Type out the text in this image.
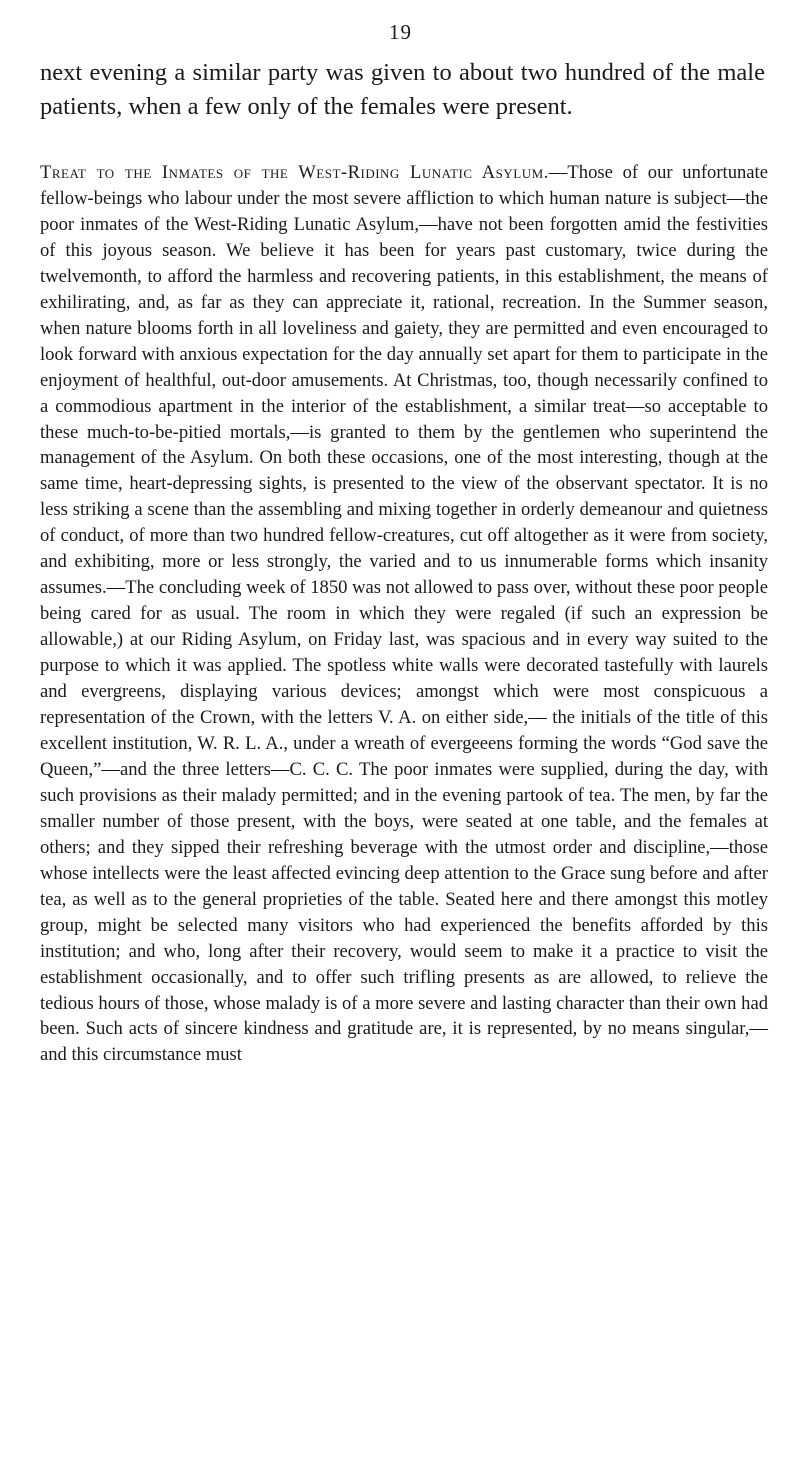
19

next evening a similar party was given to about two hundred of the male patients, when a few only of the females were present.

Treat to the Inmates of the West-Riding Lunatic Asylum.—Those of our unfortunate fellow-beings who labour under the most severe affliction to which human nature is subject—the poor inmates of the West-Riding Lunatic Asylum,—have not been forgotten amid the festivities of this joyous season. We believe it has been for years past customary, twice during the twelvemonth, to afford the harmless and recovering patients, in this establishment, the means of exhilirating, and, as far as they can appreciate it, rational, recreation. In the Summer season, when nature blooms forth in all loveliness and gaiety, they are permitted and even encouraged to look forward with anxious expectation for the day annually set apart for them to participate in the enjoyment of healthful, out-door amusements. At Christmas, too, though necessarily confined to a commodious apartment in the interior of the establishment, a similar treat—so acceptable to these much-to-be-pitied mortals,—is granted to them by the gentlemen who superintend the management of the Asylum. On both these occasions, one of the most interesting, though at the same time, heart-depressing sights, is presented to the view of the observant spectator. It is no less striking a scene than the assembling and mixing together in orderly demeanour and quietness of conduct, of more than two hundred fellow-creatures, cut off altogether as it were from society, and exhibiting, more or less strongly, the varied and to us innumerable forms which insanity assumes.—The concluding week of 1850 was not allowed to pass over, without these poor people being cared for as usual. The room in which they were regaled (if such an expression be allowable,) at our Riding Asylum, on Friday last, was spacious and in every way suited to the purpose to which it was applied. The spotless white walls were decorated tastefully with laurels and evergreens, displaying various devices; amongst which were most conspicuous a representation of the Crown, with the letters V. A. on either side,— the initials of the title of this excellent institution, W. R. L. A., under a wreath of evergeeens forming the words “God save the Queen,”—and the three letters—C. C. C. The poor inmates were supplied, during the day, with such provisions as their malady permitted; and in the evening partook of tea. The men, by far the smaller number of those present, with the boys, were seated at one table, and the females at others; and they sipped their refreshing beverage with the utmost order and discipline,—those whose intellects were the least affected evincing deep attention to the Grace sung before and after tea, as well as to the general proprieties of the table. Seated here and there amongst this motley group, might be selected many visitors who had experienced the benefits afforded by this institution; and who, long after their recovery, would seem to make it a practice to visit the establishment occasionally, and to offer such trifling presents as are allowed, to relieve the tedious hours of those, whose malady is of a more severe and lasting character than their own had been. Such acts of sincere kindness and gratitude are, it is represented, by no means singular,—and this circumstance must
